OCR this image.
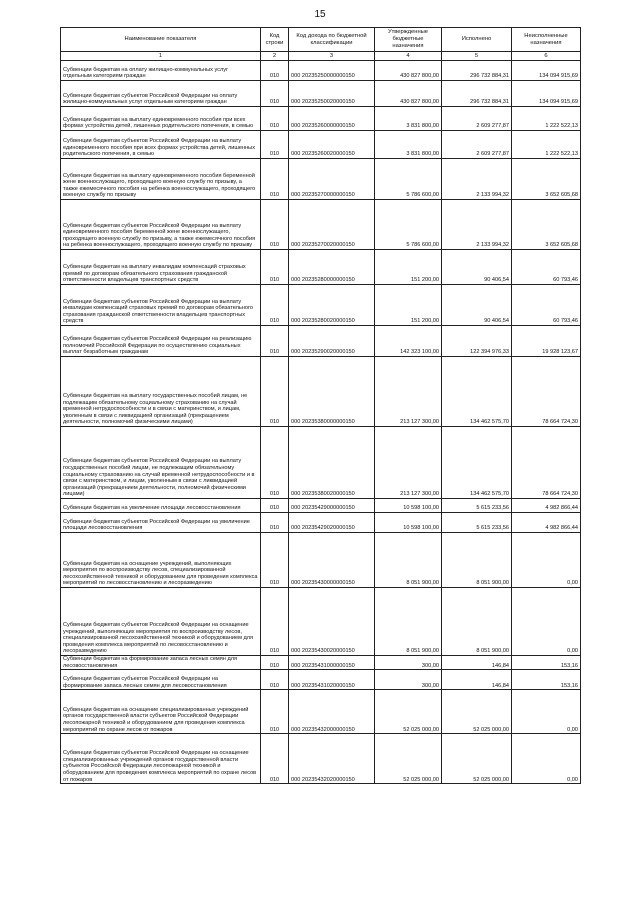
15
Наименование показателя	Код строки	Код дохода по бюджетной классификации	Утвержденные бюджетные назначения	Исполнено	Неисполненные назначения
1	2	3	4	5	6
Субвенции бюджетам на оплату жилищно-коммунальных услуг отдельным категориям граждан	010	000 20235250000000150	430 827 800,00	296 732 884,31	134 094 915,69
Субвенции бюджетам субъектов Российской Федерации на оплату жилищно-коммунальных услуг отдельным категориям граждан	010	000 20235250020000150	430 827 800,00	296 732 884,31	134 094 915,69
Субвенции бюджетам на выплату единовременного пособия при всех формах устройства детей, лишенных родительского попечения, в семью	010	000 20235260000000150	3 831 800,00	2 609 277,87	1 222 522,13
Субвенции бюджетам субъектов Российской Федерации на выплату единовременного пособия при всех формах устройства детей, лишенных родительского попечения, в семью	010	000 20235260020000150	3 831 800,00	2 609 277,87	1 222 522,13
Субвенции бюджетам на выплату единовременного пособия беременной жене военнослужащего, проходящего военную службу по призыву, а также ежемесячного пособия на ребенка военнослужащего, проходящего военную службу по призыву	010	000 20235270000000150	5 786 600,00	2 133 994,32	3 652 605,68
Субвенции бюджетам субъектов Российской Федерации на выплату единовременного пособия беременной жене военнослужащего, проходящего военную службу по призыву, а также ежемесячного пособия на ребенка военнослужащего, проходящего военную службу по призыву	010	000 20235270020000150	5 786 600,00	2 133 994,32	3 652 605,68
Субвенции бюджетам на выплату инвалидам компенсаций страховых премий по договорам обязательного страхования гражданской ответственности владельцев транспортных средств	010	000 20235280000000150	151 200,00	90 406,54	60 793,46
Субвенции бюджетам субъектов Российской Федерации на выплату инвалидам компенсаций страховых премий по договорам обязательного страхования гражданской ответственности владельцев транспортных средств	010	000 20235280020000150	151 200,00	90 406,54	60 793,46
Субвенции бюджетам субъектов Российской Федерации на реализацию полномочий Российской Федерации по осуществлению социальных выплат безработным гражданам	010	000 20235290020000150	142 323 100,00	122 394 976,33	19 928 123,67
Субвенции бюджетам на выплату государственных пособий лицам, не подлежащим обязательному социальному страхованию на случай временной нетрудоспособности и в связи с материнством, и лицам, уволенным в связи с ликвидацией организаций (прекращением деятельности, полномочий физическими лицами)	010	000 20235380000000150	213 127 300,00	134 462 575,70	78 664 724,30
Субвенции бюджетам субъектов Российской Федерации на выплату государственных пособий лицам, не подлежащим обязательному социальному страхованию на случай временной нетрудоспособности и в связи с материнством, и лицам, уволенным в связи с ликвидацией организаций (прекращением деятельности, полномочий физическими лицами)	010	000 20235380020000150	213 127 300,00	134 462 575,70	78 664 724,30
Субвенции бюджетам на увеличение площади лесовосстановления	010	000 20235429000000150	10 598 100,00	5 615 233,56	4 982 866,44
Субвенции бюджетам субъектов Российской Федерации на увеличение площади лесовосстановления	010	000 20235429020000150	10 598 100,00	5 615 233,56	4 982 866,44
Субвенции бюджетам на оснащение учреждений, выполняющих мероприятия по воспроизводству лесов, специализированной лесохозяйственной техникой и оборудованием для проведения комплекса мероприятий по лесовосстановлению и лесоразведению	010	000 20235430000000150	8 051 900,00	8 051 900,00	0,00
Субвенции бюджетам субъектов Российской Федерации на оснащение учреждений, выполняющих мероприятия по воспроизводству лесов, специализированной лесохозяйственной техникой и оборудованием для проведения комплекса мероприятий по лесовосстановлению и лесоразведению	010	000 20235430020000150	8 051 900,00	8 051 900,00	0,00
Субвенции бюджетам на формирование запаса лесных семян для лесовосстановления	010	000 20235431000000150	300,00	146,84	153,16
Субвенции бюджетам субъектов Российской Федерации на формирование запаса лесных семян для лесовосстановления	010	000 20235431020000150	300,00	146,84	153,16
Субвенции бюджетам на оснащение специализированных учреждений органов государственной власти субъектов Российской Федерации лесопожарной техникой и оборудованием для проведения комплекса мероприятий по охране лесов от пожаров	010	000 20235432000000150	52 025 000,00	52 025 000,00	0,00
Субвенции бюджетам субъектов Российской Федерации на оснащение специализированных учреждений органов государственной власти субъектов Российской Федерации лесопожарной техникой и оборудованием для проведения комплекса мероприятий по охране лесов от пожаров	010	000 20235432020000150	52 025 000,00	52 025 000,00	0,00
